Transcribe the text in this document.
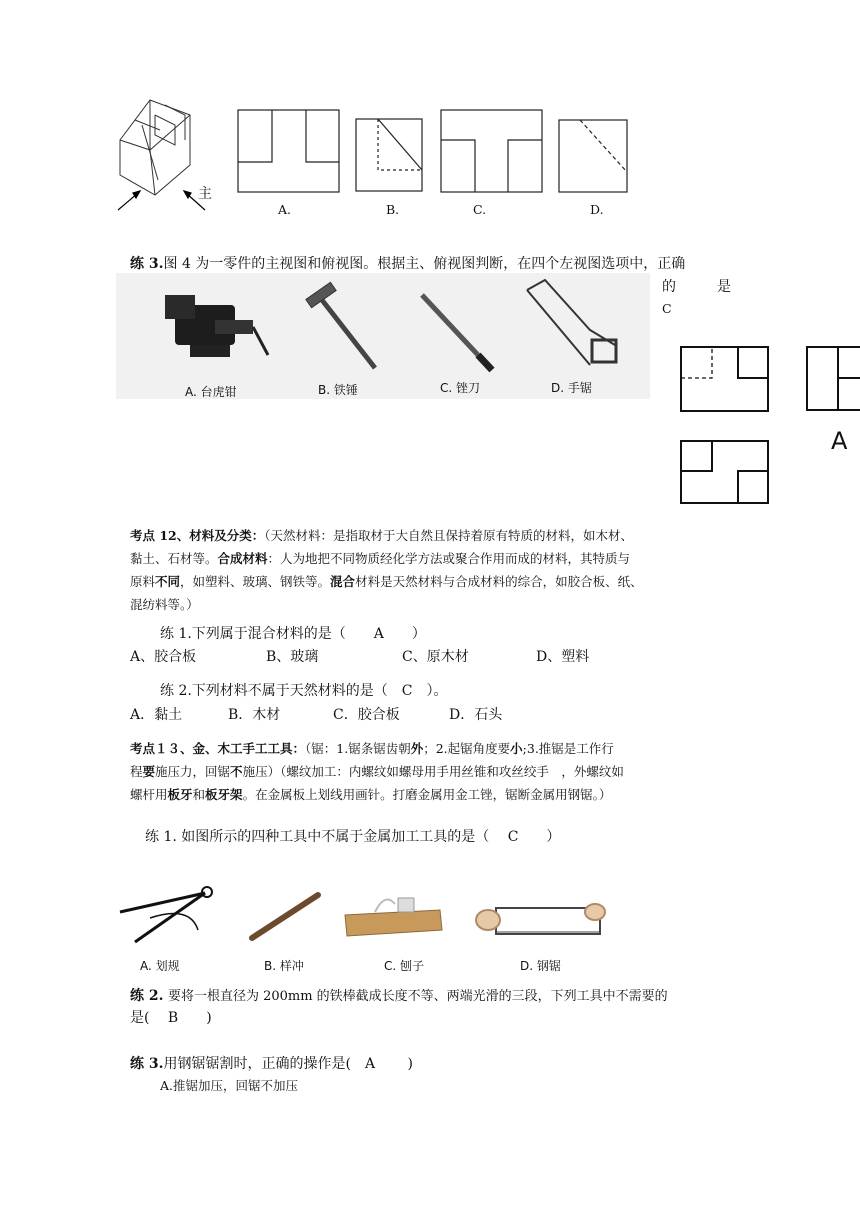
主
A.	B.	C.	D.
练 3.图 4 为一零件的主视图和俯视图。根据主、俯视图判断，在四个左视图选项中，正确
的	是
C
A. 台虎钳	B. 铁锤	C. 锉刀	D. 手锯
A
考点 12、材料及分类：（天然材料：是指取材于大自然且保持着原有特质的材料，如木材、
黏土、石材等。合成材料：人为地把不同物质经化学方法或聚合作用而成的材料，其特质与
原料不同，如塑料、玻璃、钢铁等。混合材料是天然材料与合成材料的综合，如胶合板、纸、
混纺料等。）
练 1.下列属于混合材料的是（　　A　　）
A、胶合板	B、玻璃	C、原木材	D、塑料
练 2.下列材料不属于天然材料的是（　C　）。
A．黏土	B．木材	C．胶合板	D．石头
考点１３、金、木工手工工具：（锯：1.锯条锯齿朝外；2.起锯角度要小;3.推锯是工作行
程要施压力，回锯不施压）（螺纹加工：内螺纹如螺母用手用丝锥和攻丝绞手　，外螺纹如
螺杆用板牙和板牙架。在金属板上划线用画针。打磨金属用金工锉，锯断金属用钢锯。）
练 1. 如图所示的四种工具中不属于金属加工工具的是（　 C　　）
A. 划规	B. 样冲	C. 刨子	D. 钢锯
练 2. 要将一根直径为 200mm 的铁棒截成长度不等、两端光滑的三段，下列工具中不需要的
是(　 B　　)
练 3.用钢锯锯割时，正确的操作是(　A　　 )
A.推锯加压，回锯不加压
